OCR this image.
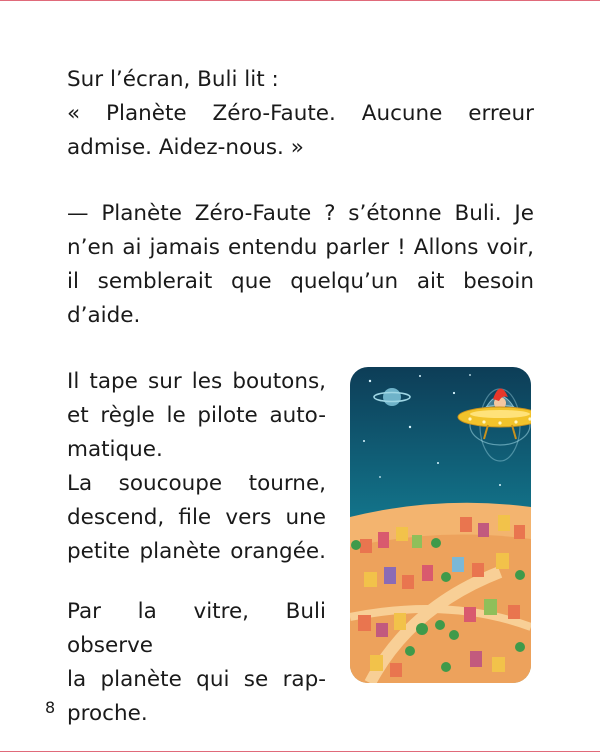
Sur l’écran, Buli lit :
« Planète Zéro-Faute. Aucune erreur
admise. Aidez-nous. »

— Planète Zéro-Faute ? s’étonne Buli. Je
n’en ai jamais entendu parler ! Allons voir,
il semblerait que quelqu’un ait besoin
d’aide.

Il tape sur les boutons,
et règle le pilote auto-
matique.
La soucoupe tourne,
descend, file vers une
petite planète orangée.

Par la vitre, Buli observe
la planète qui se rap-
proche.

8
